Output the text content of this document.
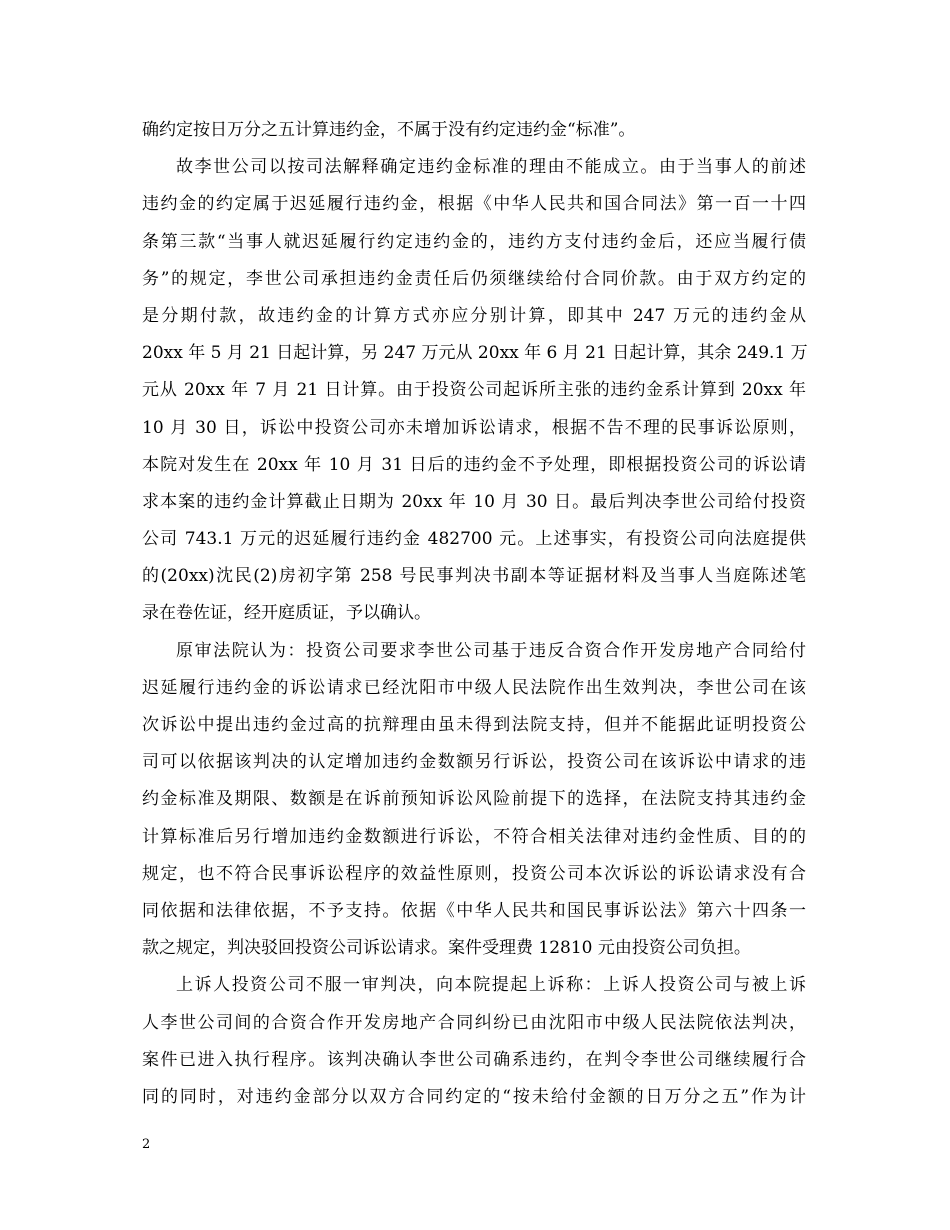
确约定按日万分之五计算违约金，不属于没有约定违约金“标准”。
故李世公司以按司法解释确定违约金标准的理由不能成立。由于当事人的前述
违约金的约定属于迟延履行违约金，根据《中华人民共和国合同法》第一百一十四
条第三款“当事人就迟延履行约定违约金的，违约方支付违约金后，还应当履行债
务”的规定，李世公司承担违约金责任后仍须继续给付合同价款。由于双方约定的
是分期付款，故违约金的计算方式亦应分别计算，即其中 247 万元的违约金从
20xx 年 5 月 21 日起计算，另 247 万元从 20xx 年 6 月 21 日起计算，其余 249.1 万
元从 20xx 年 7 月 21 日计算。由于投资公司起诉所主张的违约金系计算到 20xx 年
10 月 30 日，诉讼中投资公司亦未增加诉讼请求，根据不告不理的民事诉讼原则，
本院对发生在 20xx 年 10 月 31 日后的违约金不予处理，即根据投资公司的诉讼请
求本案的违约金计算截止日期为 20xx 年 10 月 30 日。最后判决李世公司给付投资
公司 743.1 万元的迟延履行违约金 482700 元。上述事实，有投资公司向法庭提供
的(20xx)沈民(2)房初字第 258 号民事判决书副本等证据材料及当事人当庭陈述笔
录在卷佐证，经开庭质证，予以确认。
原审法院认为：投资公司要求李世公司基于违反合资合作开发房地产合同给付
迟延履行违约金的诉讼请求已经沈阳市中级人民法院作出生效判决，李世公司在该
次诉讼中提出违约金过高的抗辩理由虽未得到法院支持，但并不能据此证明投资公
司可以依据该判决的认定增加违约金数额另行诉讼，投资公司在该诉讼中请求的违
约金标准及期限、数额是在诉前预知诉讼风险前提下的选择，在法院支持其违约金
计算标准后另行增加违约金数额进行诉讼，不符合相关法律对违约金性质、目的的
规定，也不符合民事诉讼程序的效益性原则，投资公司本次诉讼的诉讼请求没有合
同依据和法律依据，不予支持。依据《中华人民共和国民事诉讼法》第六十四条一
款之规定，判决驳回投资公司诉讼请求。案件受理费 12810 元由投资公司负担。
上诉人投资公司不服一审判决，向本院提起上诉称：上诉人投资公司与被上诉
人李世公司间的合资合作开发房地产合同纠纷已由沈阳市中级人民法院依法判决，
案件已进入执行程序。该判决确认李世公司确系违约，在判令李世公司继续履行合
同的同时，对违约金部分以双方合同约定的“按未给付金额的日万分之五”作为计
2
